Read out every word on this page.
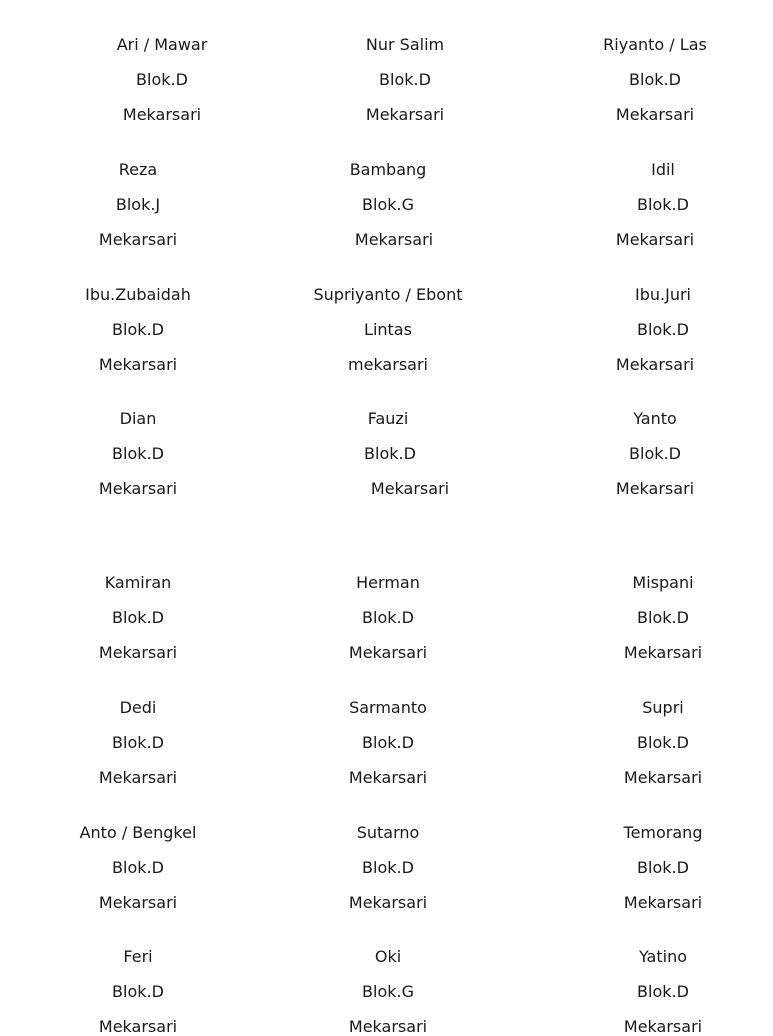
Ari / Mawar
Blok.D
Mekarsari
Nur Salim
Blok.D
Mekarsari
Riyanto / Las
Blok.D
Mekarsari
Reza
Blok.J
Mekarsari
Bambang
Blok.G
Mekarsari
Idil
Blok.D
Mekarsari
Ibu.Zubaidah
Blok.D
Mekarsari
Supriyanto / Ebont
Lintas
mekarsari
Ibu.Juri
Blok.D
Mekarsari
Dian
Blok.D
Mekarsari
Fauzi
Blok.D
Mekarsari
Yanto
Blok.D
Mekarsari
Kamiran
Blok.D
Mekarsari
Herman
Blok.D
Mekarsari
Mispani
Blok.D
Mekarsari
Dedi
Blok.D
Mekarsari
Sarmanto
Blok.D
Mekarsari
Supri
Blok.D
Mekarsari
Anto / Bengkel
Blok.D
Mekarsari
Sutarno
Blok.D
Mekarsari
Temorang
Blok.D
Mekarsari
Feri
Blok.D
Mekarsari
Oki
Blok.G
Mekarsari
Yatino
Blok.D
Mekarsari
